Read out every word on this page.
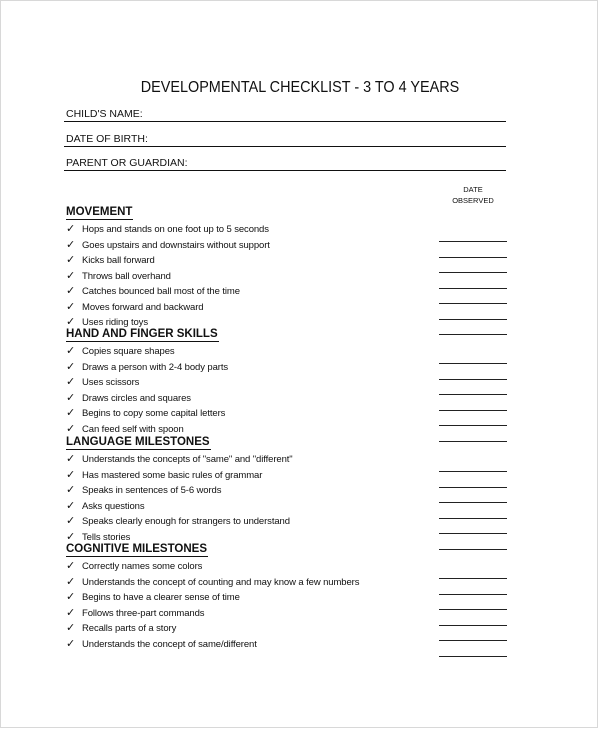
DEVELOPMENTAL CHECKLIST - 3 TO 4 YEARS
CHILD'S NAME:
DATE OF BIRTH:
PARENT OR GUARDIAN:
DATE
OBSERVED
MOVEMENT
✓ Hops and stands on one foot up to 5 seconds
✓ Goes upstairs and downstairs without support
✓ Kicks ball forward
✓ Throws ball overhand
✓ Catches bounced ball most of the time
✓ Moves forward and backward
✓ Uses riding toys
HAND AND FINGER SKILLS
✓ Copies square shapes
✓ Draws a person with 2-4 body parts
✓ Uses scissors
✓ Draws circles and squares
✓ Begins to copy some capital letters
✓ Can feed self with spoon
LANGUAGE MILESTONES
✓ Understands the concepts of "same" and "different"
✓ Has mastered some basic rules of grammar
✓ Speaks in sentences of 5-6 words
✓ Asks questions
✓ Speaks clearly enough for strangers to understand
✓ Tells stories
COGNITIVE MILESTONES
✓ Correctly names some colors
✓ Understands the concept of counting and may know a few numbers
✓ Begins to have a clearer sense of time
✓ Follows three-part commands
✓ Recalls parts of a story
✓ Understands the concept of same/different
